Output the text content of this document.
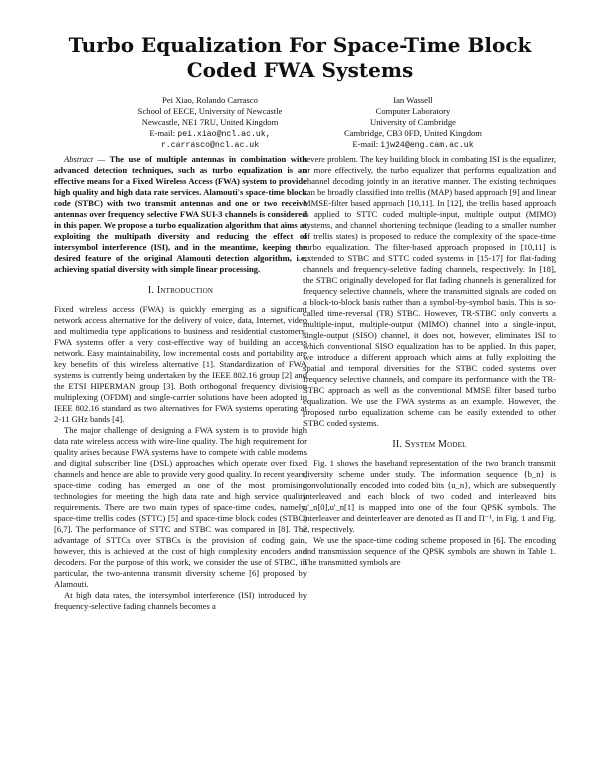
Turbo Equalization For Space-Time Block Coded FWA Systems
Pei Xiao, Rolando Carrasco
School of EECE, University of Newcastle
Newcastle, NE1 7RU, United Kingdom
E-mail: pei.xiao@ncl.ac.uk,
r.carrasco@ncl.ac.uk
Ian Wassell
Computer Laboratory
University of Cambridge
Cambridge, CB3 0FD, United Kingdom
E-mail: ijw24@eng.cam.ac.uk

Abstract — The use of multiple antennas in combination with advanced detection techniques, such as turbo equalization is an effective means for a Fixed Wireless Access (FWA) system to provide high quality and high data rate services. Alamouti's space-time block code (STBC) with two transmit antennas and one or two receive antennas over frequency selective FWA SUI-3 channels is considered in this paper. We propose a turbo equalization algorithm that aims at exploiting the multipath diversity and reducing the effect of intersymbol interference (ISI), and in the meantime, keeping the desired feature of the original Alamouti detection algorithm, i.e, achieving spatial diversity with simple linear processing.

I. Introduction

Fixed wireless access (FWA) is quickly emerging as a significant network access alternative for the delivery of voice, data, Internet, video and multimedia type applications to business and residential customers. FWA systems offer a very cost-effective way of building an access network. Easy maintainability, low incremental costs and portability are key benefits of this wireless alternative [1]. Standardization of FWA systems is currently being undertaken by the IEEE 802.16 group [2] and the ETSI HIPERMAN group [3]. Both orthogonal frequency division multiplexing (OFDM) and single-carrier solutions have been adopted in IEEE 802.16 standard as two alternatives for FWA systems operating at 2-11 GHz bands [4].

The major challenge of designing a FWA system is to provide high data rate wireless access with wire-line quality. The high requirement for quality arises because FWA systems have to compete with cable modems and digital subscriber line (DSL) approaches which operate over fixed channels and hence are able to provide very good quality. In recent years, space-time coding has emerged as one of the most promising technologies for meeting the high data rate and high service quality requirements. There are two main types of space-time codes, namely, space-time trellis codes (STTC) [5] and space-time block codes (STBC) [6,7]. The performance of STTC and STBC was compared in [8]. The advantage of STTCs over STBCs is the provision of coding gain, however, this is achieved at the cost of high complexity encoders and decoders. For the purpose of this work, we consider the use of STBC, in particular, the two-antenna transmit diversity scheme [6] proposed by Alamouti.

At high data rates, the intersymbol interference (ISI) introduced by frequency-selective fading channels becomes a

severe problem. The key building block in combating ISI is the equalizer, or more effectively, the turbo equalizer that performs equalization and channel decoding jointly in an iterative manner. The existing techniques can be broadly classified into trellis (MAP) based approach [9] and linear MMSE-filter based approach [10,11]. In [12], the trellis based approach is applied to STTC coded multiple-input, multiple output (MIMO) systems, and channel shortening technique (leading to a smaller number of trellis states) is proposed to reduce the complexity of the space-time turbo equalization. The filter-based approach proposed in [10,11] is extended to STBC and STTC coded systems in [15-17] for flat-fading channels and frequency-seletive fading channels, respectively. In [18], the STBC originally developed for flat fading channels is generalized for frequency selective channels, where the transmitted signals are coded on a block-to-block basis rather than a symbol-by-symbol basis. This is so-called time-reversal (TR) STBC. However, TR-STBC only converts a multiple-input, multiple-output (MIMO) channel into a single-input, single-output (SISO) channel, it does not, however, eliminates ISI to which conventional SISO equalization has to be applied. In this paper, we introduce a different approach which aims at fully exploiting the spatial and temporal diversities for the STBC coded systems over frequency selective channels, and compare its performance with the TR-STBC approach as well as the conventional MMSE filter based turbo equalization. We use the FWA systems as an example. However, the proposed turbo equalization scheme can be easily extended to other STBC coded systems.

II. System Model

Fig. 1 shows the baseband representation of the two branch transmit diversity scheme under study. The information sequence {b_n} is convolutionally encoded into coded bits {u_n}, which are subsequently interleaved and each block of two coded and interleaved bits u'_n[0],u'_n[1] is mapped into one of the four QPSK symbols. The interleaver and deinterleaver are denoted as Π and Π⁻¹, in Fig. 1 and Fig. 2, respectively.

We use the space-time coding scheme proposed in [6]. The encoding and transmission sequence of the QPSK symbols are shown in Table 1. The transmitted symbols are
